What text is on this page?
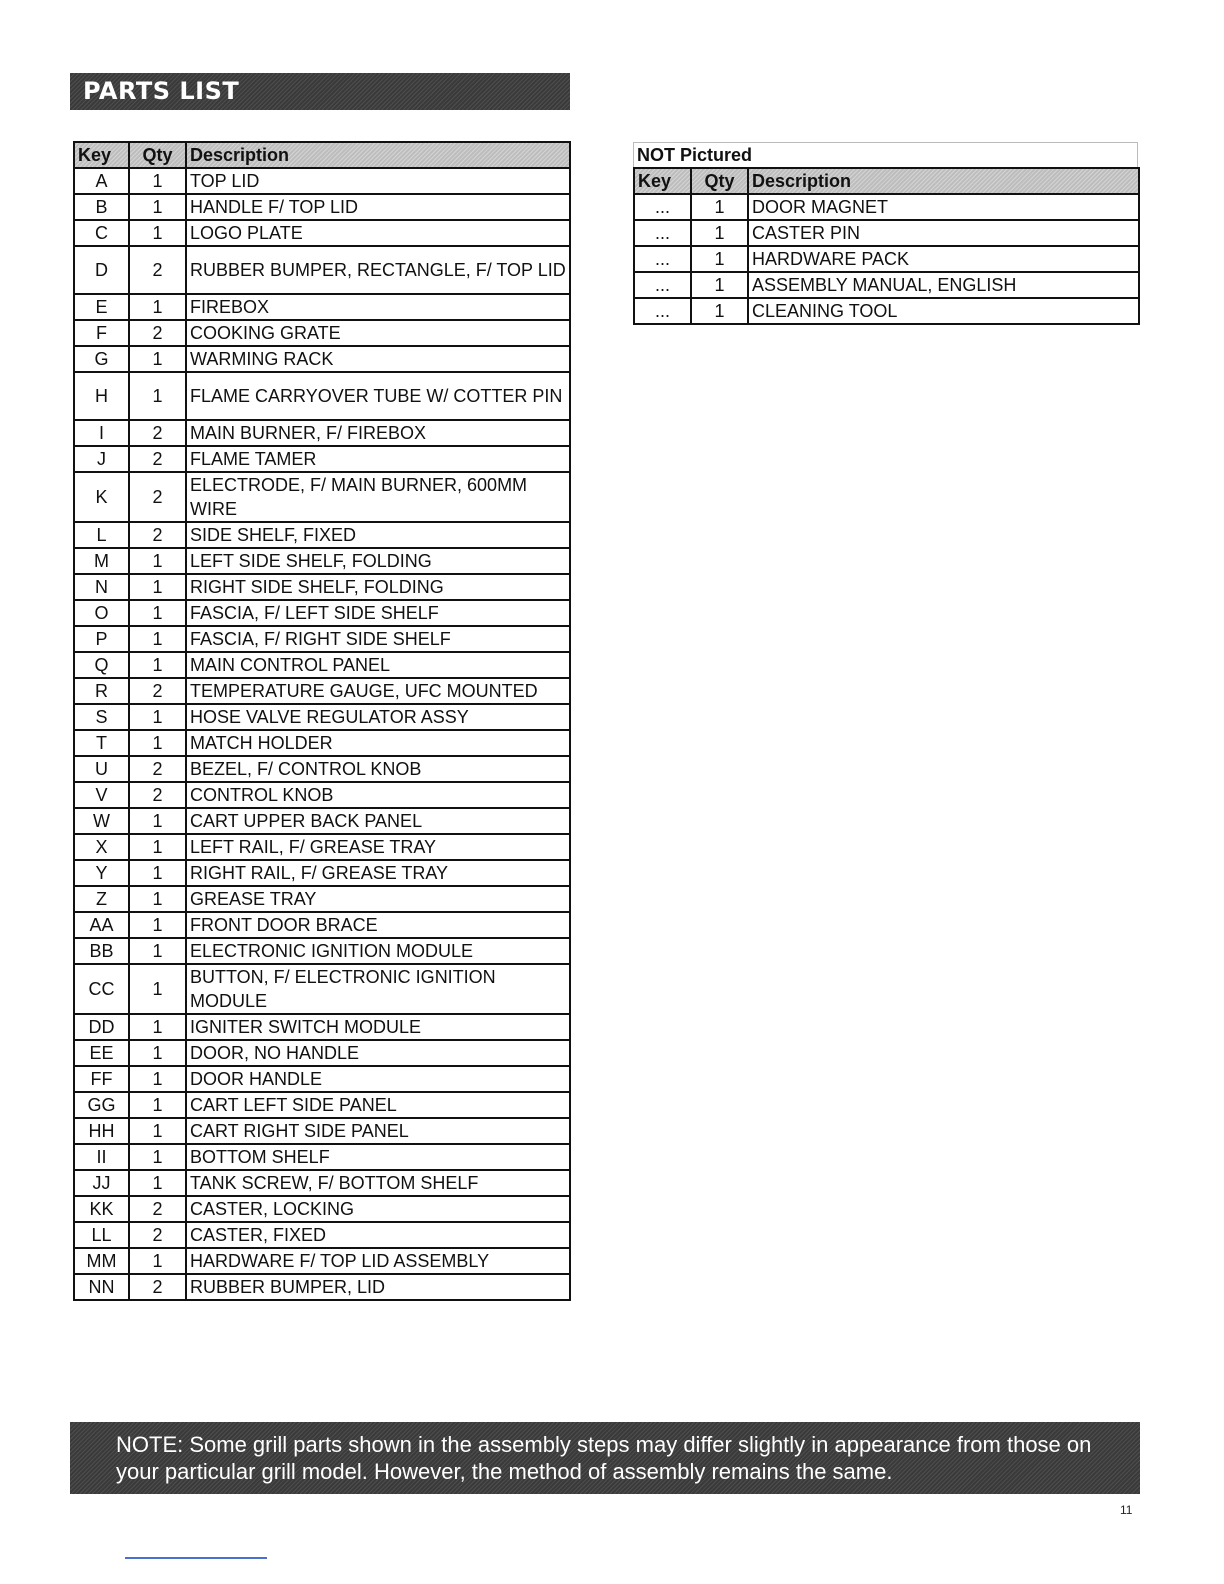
PARTS LIST
Key	Qty	Description
A	1	TOP LID
B	1	HANDLE F/ TOP LID
C	1	LOGO PLATE
D	2	RUBBER BUMPER, RECTANGLE, F/ TOP LID
E	1	FIREBOX
F	2	COOKING GRATE
G	1	WARMING RACK
H	1	FLAME CARRYOVER TUBE W/ COTTER PIN
I	2	MAIN BURNER, F/ FIREBOX
J	2	FLAME TAMER
K	2	ELECTRODE, F/ MAIN BURNER, 600MM WIRE
L	2	SIDE SHELF, FIXED
M	1	LEFT SIDE SHELF, FOLDING
N	1	RIGHT SIDE SHELF, FOLDING
O	1	FASCIA, F/ LEFT SIDE SHELF
P	1	FASCIA, F/ RIGHT SIDE SHELF
Q	1	MAIN CONTROL PANEL
R	2	TEMPERATURE GAUGE, UFC MOUNTED
S	1	HOSE VALVE REGULATOR ASSY
T	1	MATCH HOLDER
U	2	BEZEL, F/ CONTROL KNOB
V	2	CONTROL KNOB
W	1	CART UPPER BACK PANEL
X	1	LEFT RAIL, F/ GREASE TRAY
Y	1	RIGHT RAIL, F/ GREASE TRAY
Z	1	GREASE TRAY
AA	1	FRONT DOOR BRACE
BB	1	ELECTRONIC IGNITION MODULE
CC	1	BUTTON, F/ ELECTRONIC IGNITION MODULE
DD	1	IGNITER SWITCH MODULE
EE	1	DOOR, NO HANDLE
FF	1	DOOR HANDLE
GG	1	CART LEFT SIDE PANEL
HH	1	CART RIGHT SIDE PANEL
II	1	BOTTOM SHELF
JJ	1	TANK SCREW, F/ BOTTOM SHELF
KK	2	CASTER, LOCKING
LL	2	CASTER, FIXED
MM	1	HARDWARE F/ TOP LID ASSEMBLY
NN	2	RUBBER BUMPER, LID
NOT Pictured
Key	Qty	Description
...	1	DOOR MAGNET
...	1	CASTER PIN
...	1	HARDWARE PACK
...	1	ASSEMBLY MANUAL, ENGLISH
...	1	CLEANING TOOL

NOTE: Some grill parts shown in the assembly steps may differ slightly in appearance from those on your particular grill model. However, the method of assembly remains the same.

11
